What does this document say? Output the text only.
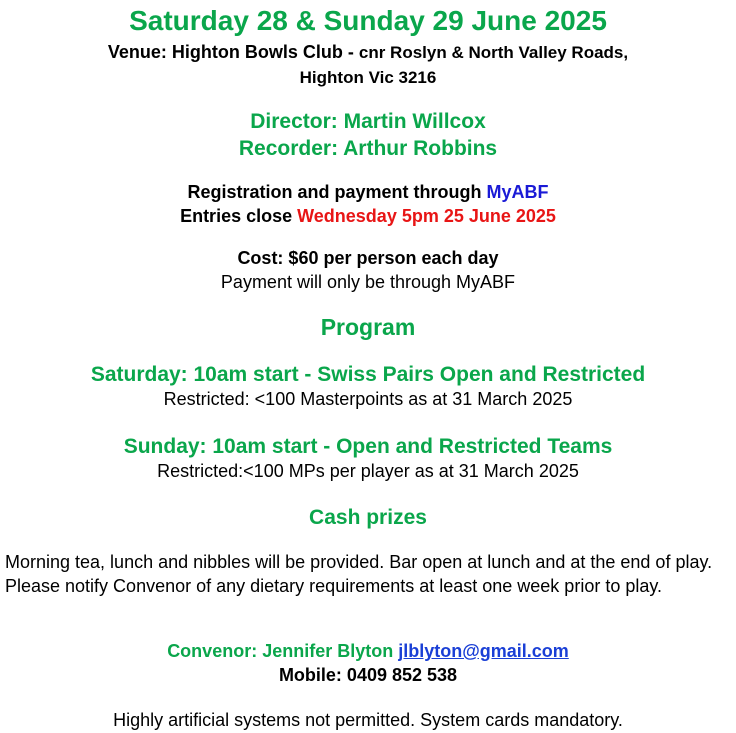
Saturday 28 & Sunday 29 June 2025
Venue: Highton Bowls Club - cnr Roslyn & North Valley Roads,
Highton Vic 3216
Director: Martin Willcox
Recorder: Arthur Robbins
Registration and payment through MyABF
Entries close Wednesday 5pm 25 June 2025
Cost: $60 per person each day
Payment will only be through MyABF
Program
Saturday: 10am start - Swiss Pairs Open and Restricted
Restricted: <100 Masterpoints as at 31 March 2025
Sunday: 10am start - Open and Restricted Teams
Restricted:<100 MPs per player as at 31 March 2025
Cash prizes
Morning tea, lunch and nibbles will be provided. Bar open at lunch and at the end of play. Please notify Convenor of any dietary requirements at least one week prior to play.
Convenor: Jennifer Blyton jlblyton@gmail.com
Mobile: 0409 852 538
Highly artificial systems not permitted. System cards mandatory.
